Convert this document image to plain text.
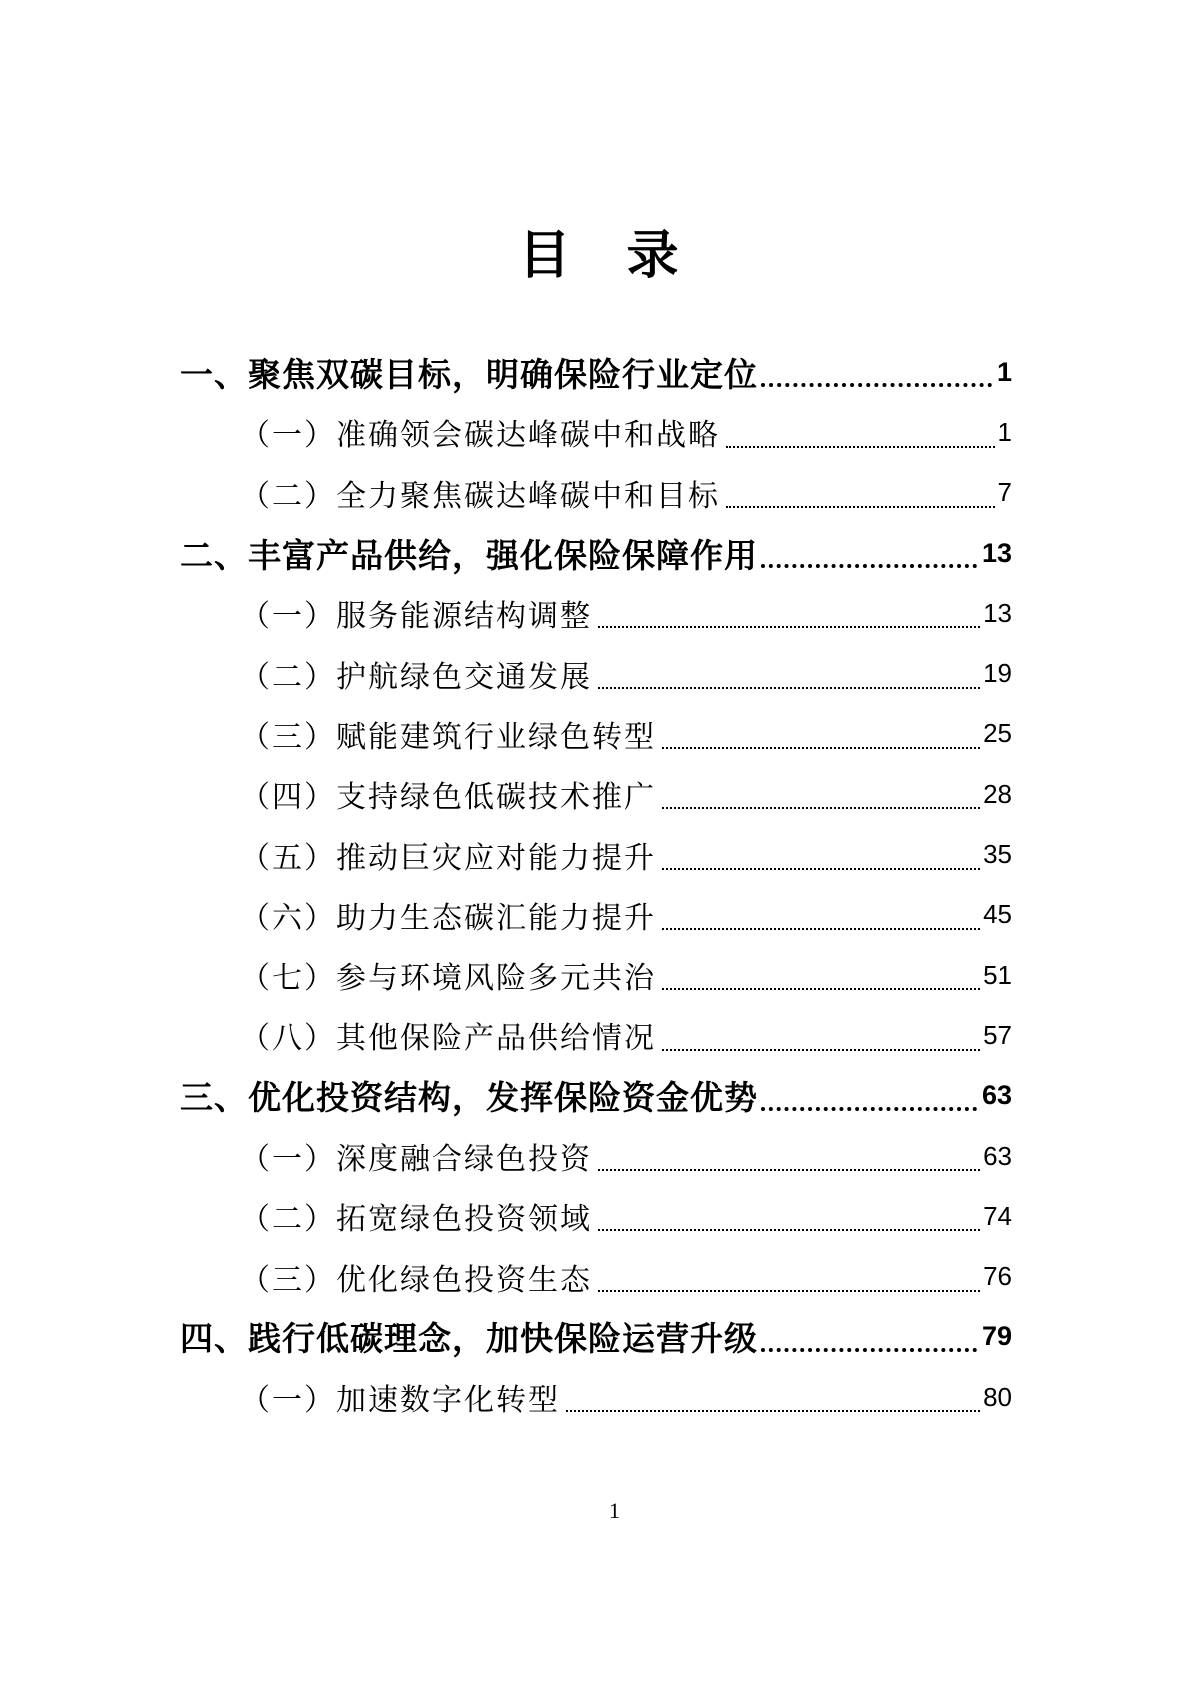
目　录
一、聚焦双碳目标，明确保险行业定位	1
（一）准确领会碳达峰碳中和战略	1
（二）全力聚焦碳达峰碳中和目标	7
二、丰富产品供给，强化保险保障作用	13
（一）服务能源结构调整	13
（二）护航绿色交通发展	19
（三）赋能建筑行业绿色转型	25
（四）支持绿色低碳技术推广	28
（五）推动巨灾应对能力提升	35
（六）助力生态碳汇能力提升	45
（七）参与环境风险多元共治	51
（八）其他保险产品供给情况	57
三、优化投资结构，发挥保险资金优势	63
（一）深度融合绿色投资	63
（二）拓宽绿色投资领域	74
（三）优化绿色投资生态	76
四、践行低碳理念，加快保险运营升级	79
（一）加速数字化转型	80
1
